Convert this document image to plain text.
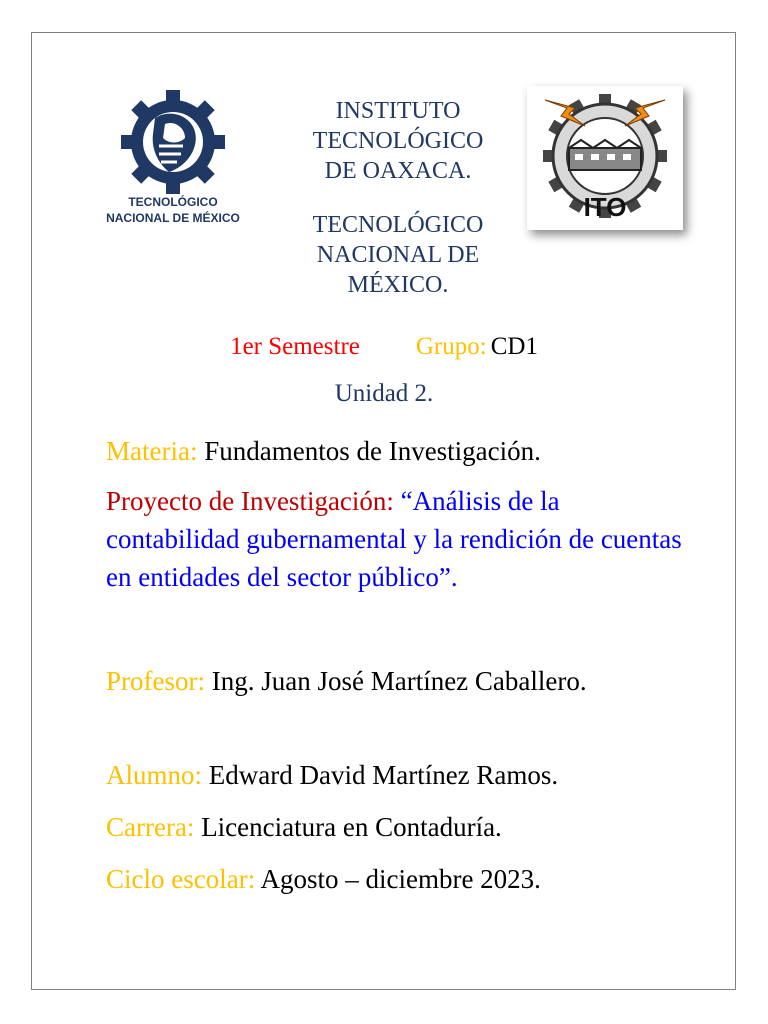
TECNOLÓGICO
NACIONAL DE MÉXICO
INSTITUTO
TECNOLÓGICO
DE OAXACA.
TECNOLÓGICO
NACIONAL DE
MÉXICO.
ITO
1er Semestre Grupo: CD1
Unidad 2.
Materia: Fundamentos de Investigación.
Proyecto de Investigación: “Análisis de la contabilidad gubernamental y la rendición de cuentas en entidades del sector público”.
Profesor: Ing. Juan José Martínez Caballero.
Alumno: Edward David Martínez Ramos.
Carrera: Licenciatura en Contaduría.
Ciclo escolar: Agosto – diciembre 2023.
